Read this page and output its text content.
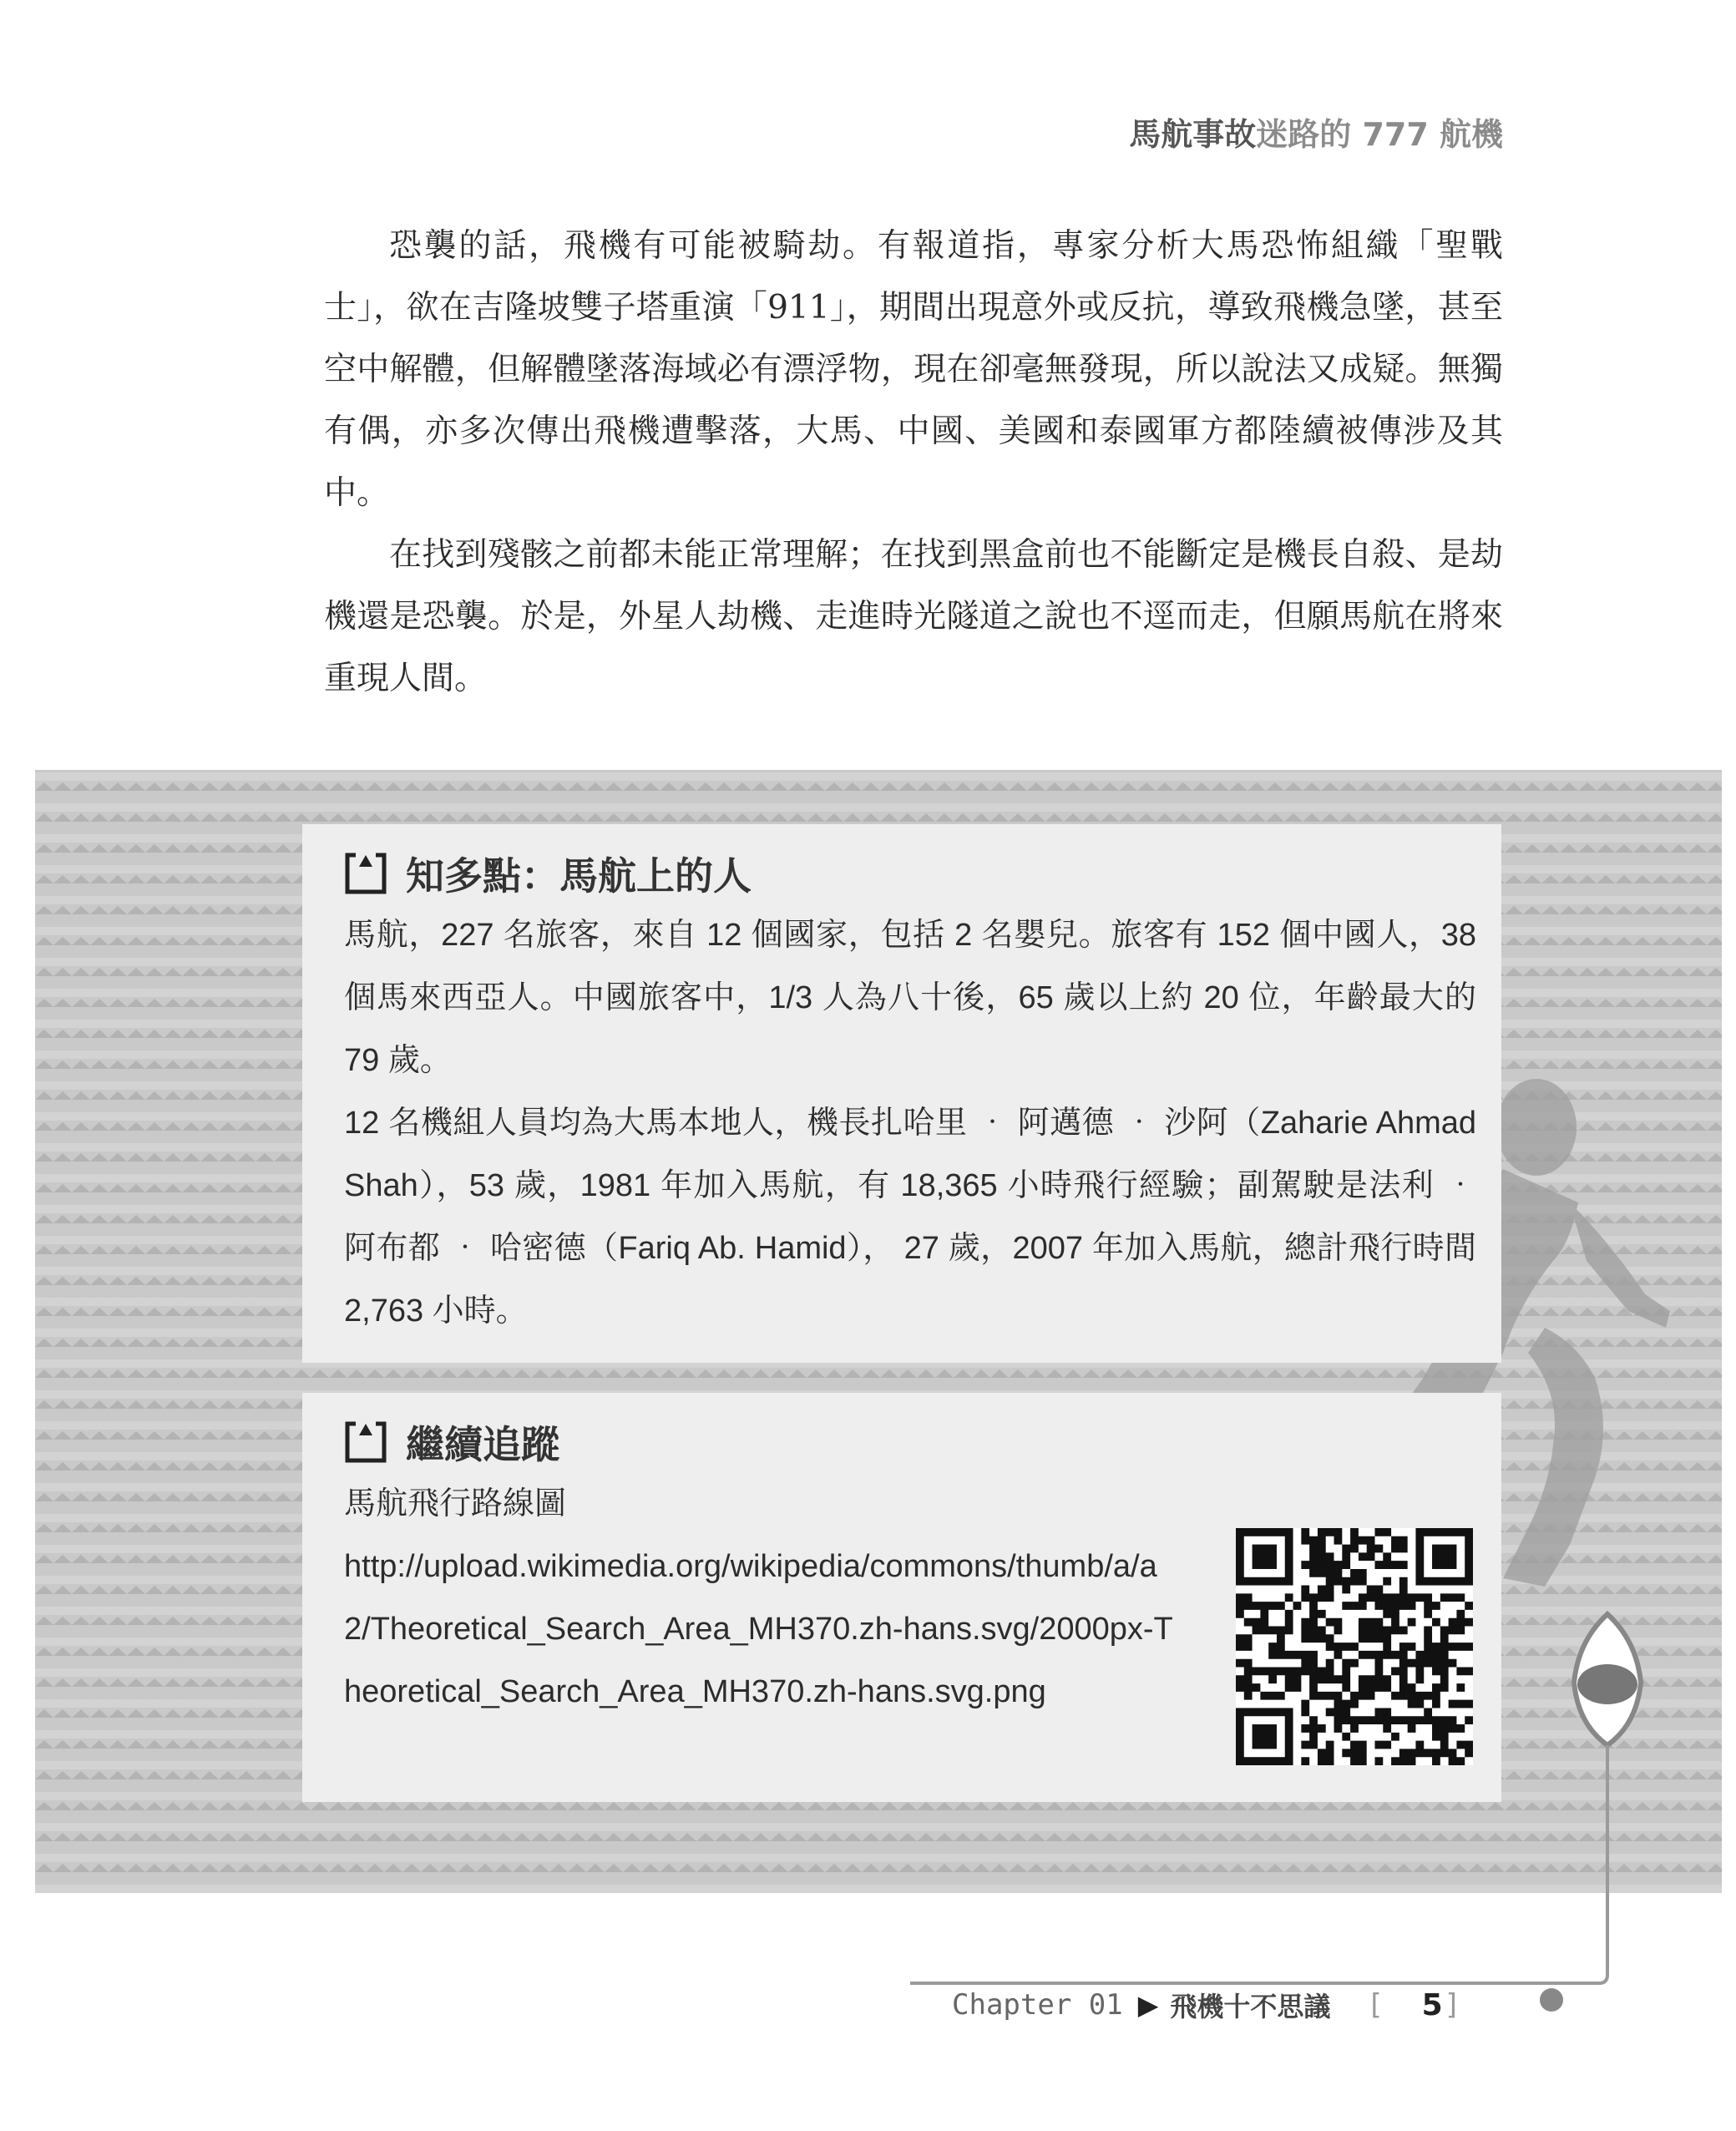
馬航事故迷路的 777 航機

恐襲的話，飛機有可能被騎劫。有報道指，專家分析大馬恐怖組織「聖戰士」，欲在吉隆坡雙子塔重演「911」，期間出現意外或反抗，導致飛機急墜，甚至空中解體，但解體墜落海域必有漂浮物，現在卻毫無發現，所以說法又成疑。無獨有偶，亦多次傳出飛機遭擊落，大馬、中國、美國和泰國軍方都陸續被傳涉及其中。

在找到殘骸之前都未能正常理解；在找到黑盒前也不能斷定是機長自殺、是劫機還是恐襲。於是，外星人劫機、走進時光隧道之說也不逕而走，但願馬航在將來重現人間。

知多點：馬航上的人

馬航，227 名旅客，來自 12 個國家，包括 2 名嬰兒。旅客有 152 個中國人，38 個馬來西亞人。中國旅客中，1/3 人為八十後，65 歲以上約 20 位，年齡最大的 79 歲。

12 名機組人員均為大馬本地人，機長扎哈里 ‧ 阿邁德 ‧ 沙阿（Zaharie Ahmad Shah），53 歲，1981 年加入馬航，有 18,365 小時飛行經驗；副駕駛是法利 ‧ 阿布都 ‧ 哈密德（Fariq Ab. Hamid）， 27 歲，2007 年加入馬航，總計飛行時間 2,763 小時。

繼續追蹤
馬航飛行路線圖
http://upload.wikimedia.org/wikipedia/commons/thumb/a/a2/Theoretical_Search_Area_MH370.zh-hans.svg/2000px-Theoretical_Search_Area_MH370.zh-hans.svg.png
Chapter 01 ▶ 飛機十不思議 [ 5 ]
